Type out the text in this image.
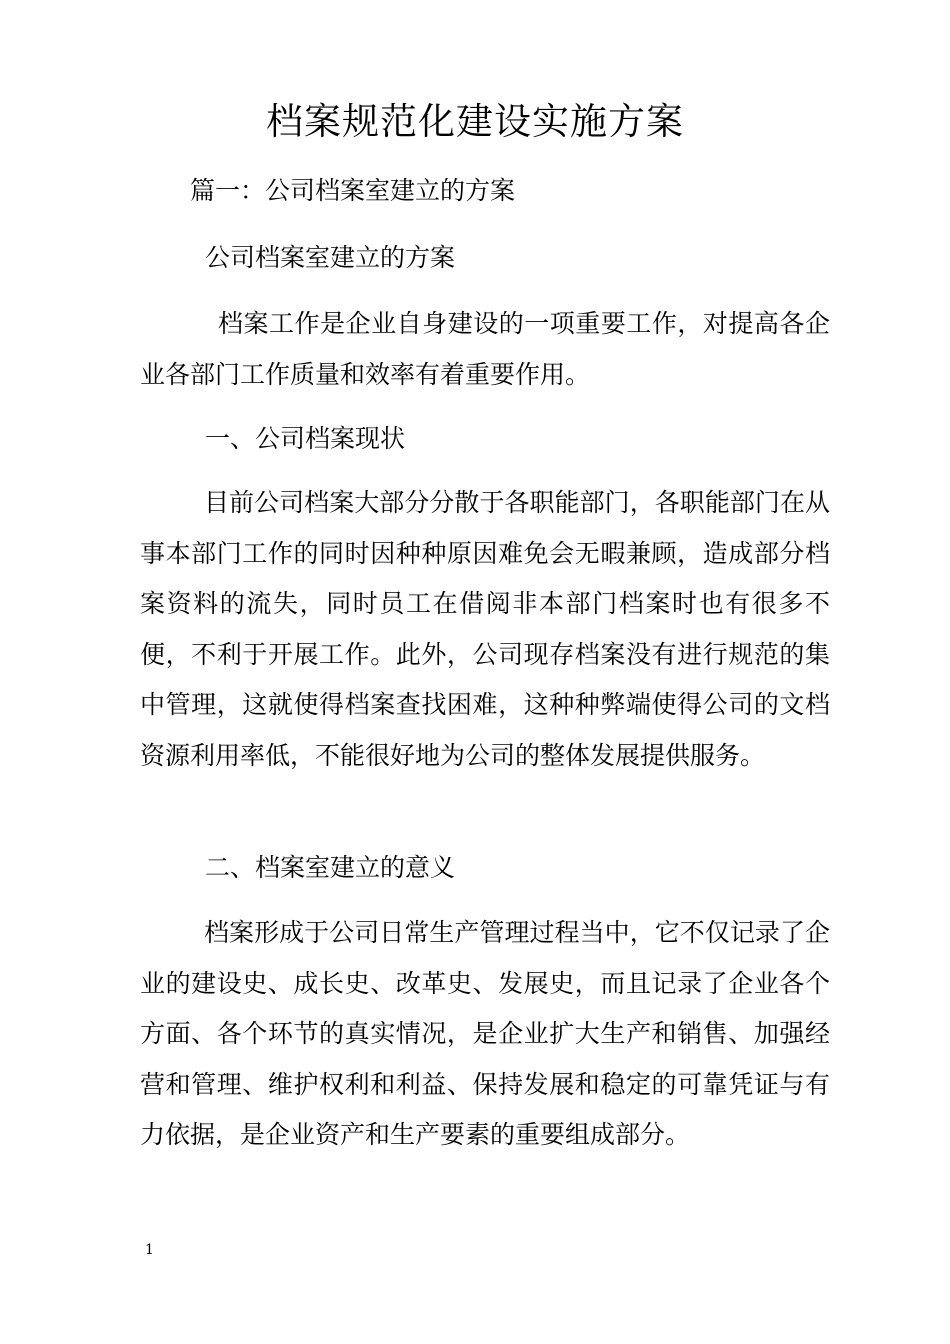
档案规范化建设实施方案

篇一：公司档案室建立的方案

公司档案室建立的方案

档案工作是企业自身建设的一项重要工作，对提高各企业各部门工作质量和效率有着重要作用。

一、公司档案现状

目前公司档案大部分分散于各职能部门，各职能部门在从事本部门工作的同时因种种原因难免会无暇兼顾，造成部分档案资料的流失，同时员工在借阅非本部门档案时也有很多不便，不利于开展工作。此外，公司现存档案没有进行规范的集中管理，这就使得档案查找困难，这种种弊端使得公司的文档资源利用率低，不能很好地为公司的整体发展提供服务。

二、档案室建立的意义

档案形成于公司日常生产管理过程当中，它不仅记录了企业的建设史、成长史、改革史、发展史，而且记录了企业各个方面、各个环节的真实情况，是企业扩大生产和销售、加强经营和管理、维护权利和利益、保持发展和稳定的可靠凭证与有力依据，是企业资产和生产要素的重要组成部分。

1
